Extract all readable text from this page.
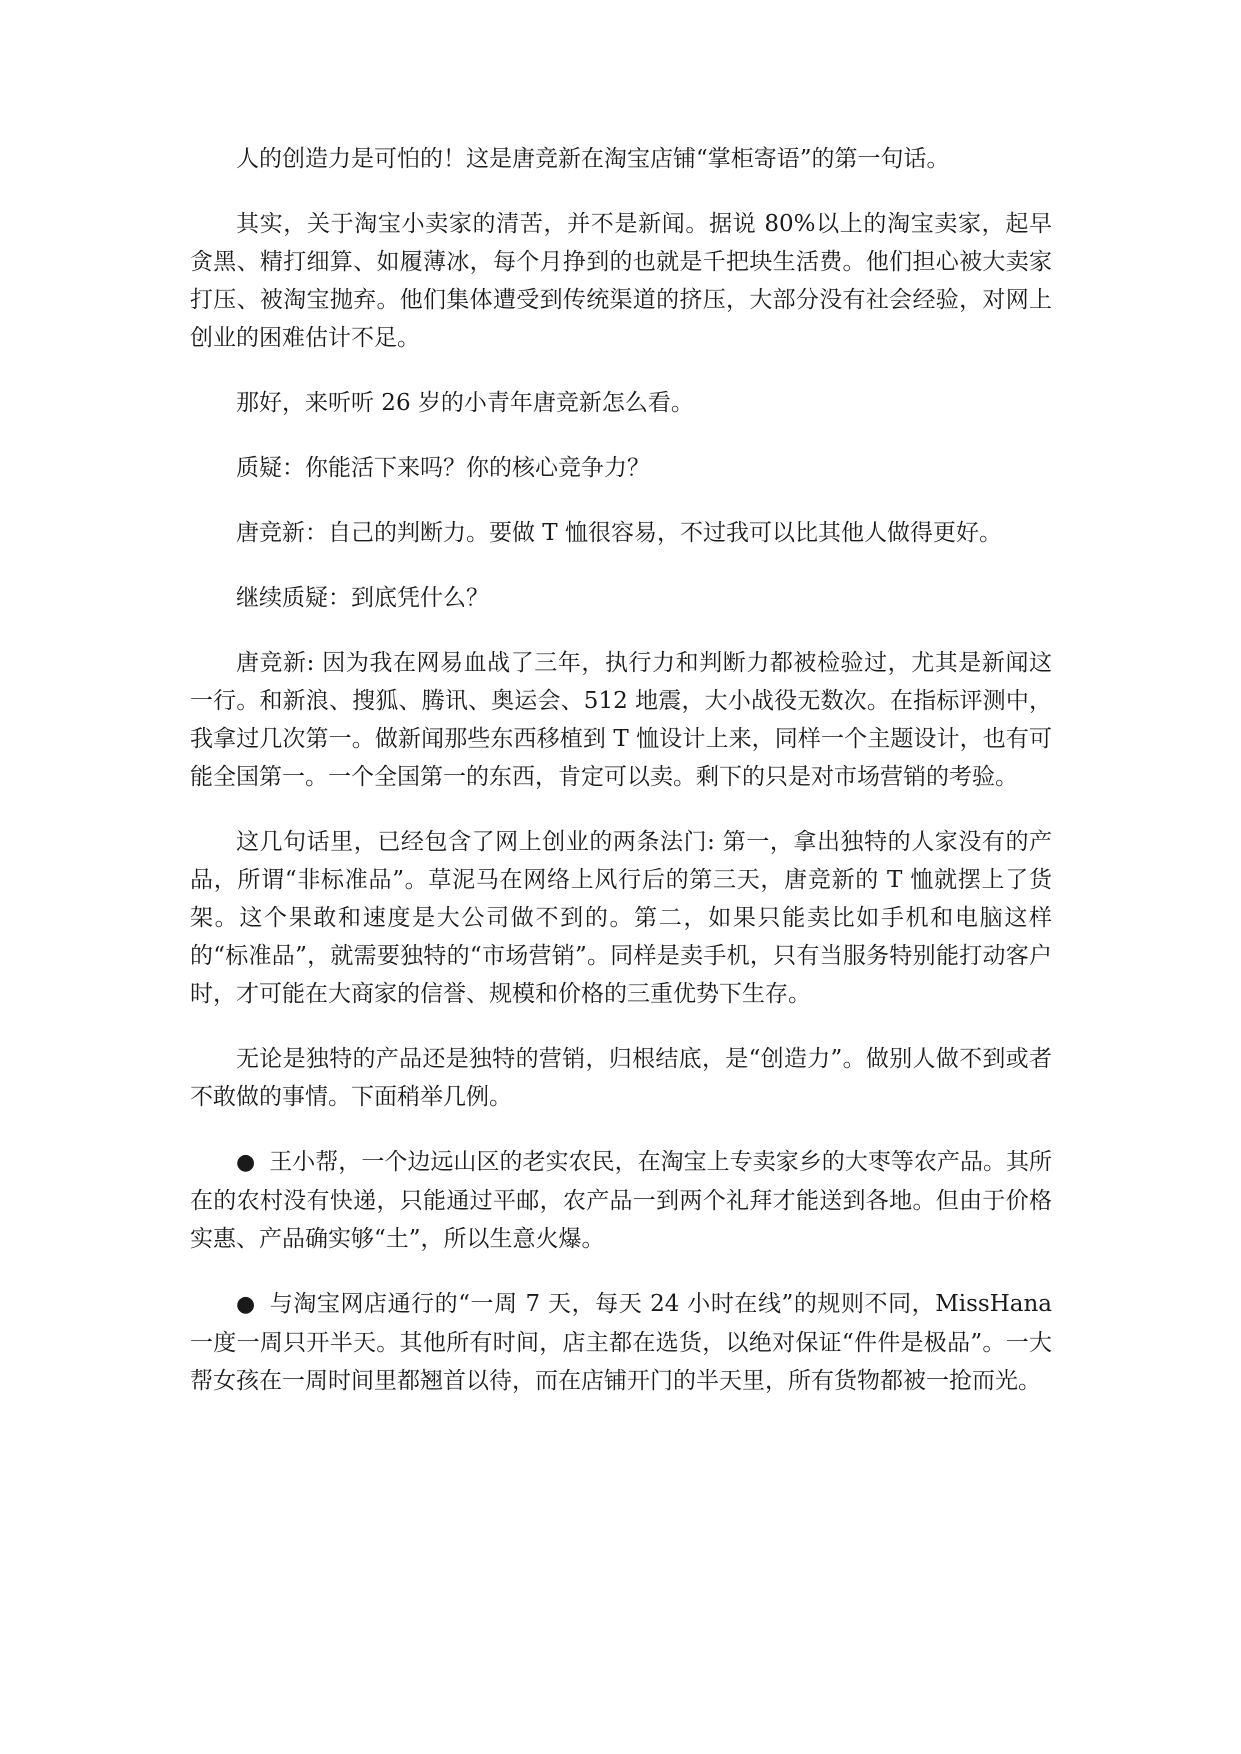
人的创造力是可怕的！这是唐竞新在淘宝店铺“掌柜寄语”的第一句话。

其实，关于淘宝小卖家的清苦，并不是新闻。据说 80%以上的淘宝卖家，起早贪黑、精打细算、如履薄冰，每个月挣到的也就是千把块生活费。他们担心被大卖家打压、被淘宝抛弃。他们集体遭受到传统渠道的挤压，大部分没有社会经验，对网上创业的困难估计不足。

那好，来听听 26 岁的小青年唐竞新怎么看。

质疑：你能活下来吗？你的核心竞争力？

唐竞新：自己的判断力。要做 T 恤很容易，不过我可以比其他人做得更好。

继续质疑：到底凭什么？

唐竞新: 因为我在网易血战了三年，执行力和判断力都被检验过，尤其是新闻这一行。和新浪、搜狐、腾讯、奥运会、512 地震，大小战役无数次。在指标评测中，我拿过几次第一。做新闻那些东西移植到 T 恤设计上来，同样一个主题设计，也有可能全国第一。一个全国第一的东西，肯定可以卖。剩下的只是对市场营销的考验。

这几句话里，已经包含了网上创业的两条法门: 第一，拿出独特的人家没有的产品，所谓“非标准品”。草泥马在网络上风行后的第三天，唐竞新的 T 恤就摆上了货架。这个果敢和速度是大公司做不到的。第二，如果只能卖比如手机和电脑这样的“标准品”，就需要独特的“市场营销”。同样是卖手机，只有当服务特别能打动客户时，才可能在大商家的信誉、规模和价格的三重优势下生存。

无论是独特的产品还是独特的营销，归根结底，是“创造力”。做别人做不到或者不敢做的事情。下面稍举几例。

● 王小帮，一个边远山区的老实农民，在淘宝上专卖家乡的大枣等农产品。其所在的农村没有快递，只能通过平邮，农产品一到两个礼拜才能送到各地。但由于价格实惠、产品确实够“土”，所以生意火爆。

● 与淘宝网店通行的“一周 7 天，每天 24 小时在线”的规则不同，MissHana 一度一周只开半天。其他所有时间，店主都在选货，以绝对保证“件件是极品”。一大帮女孩在一周时间里都翘首以待，而在店铺开门的半天里，所有货物都被一抢而光。
